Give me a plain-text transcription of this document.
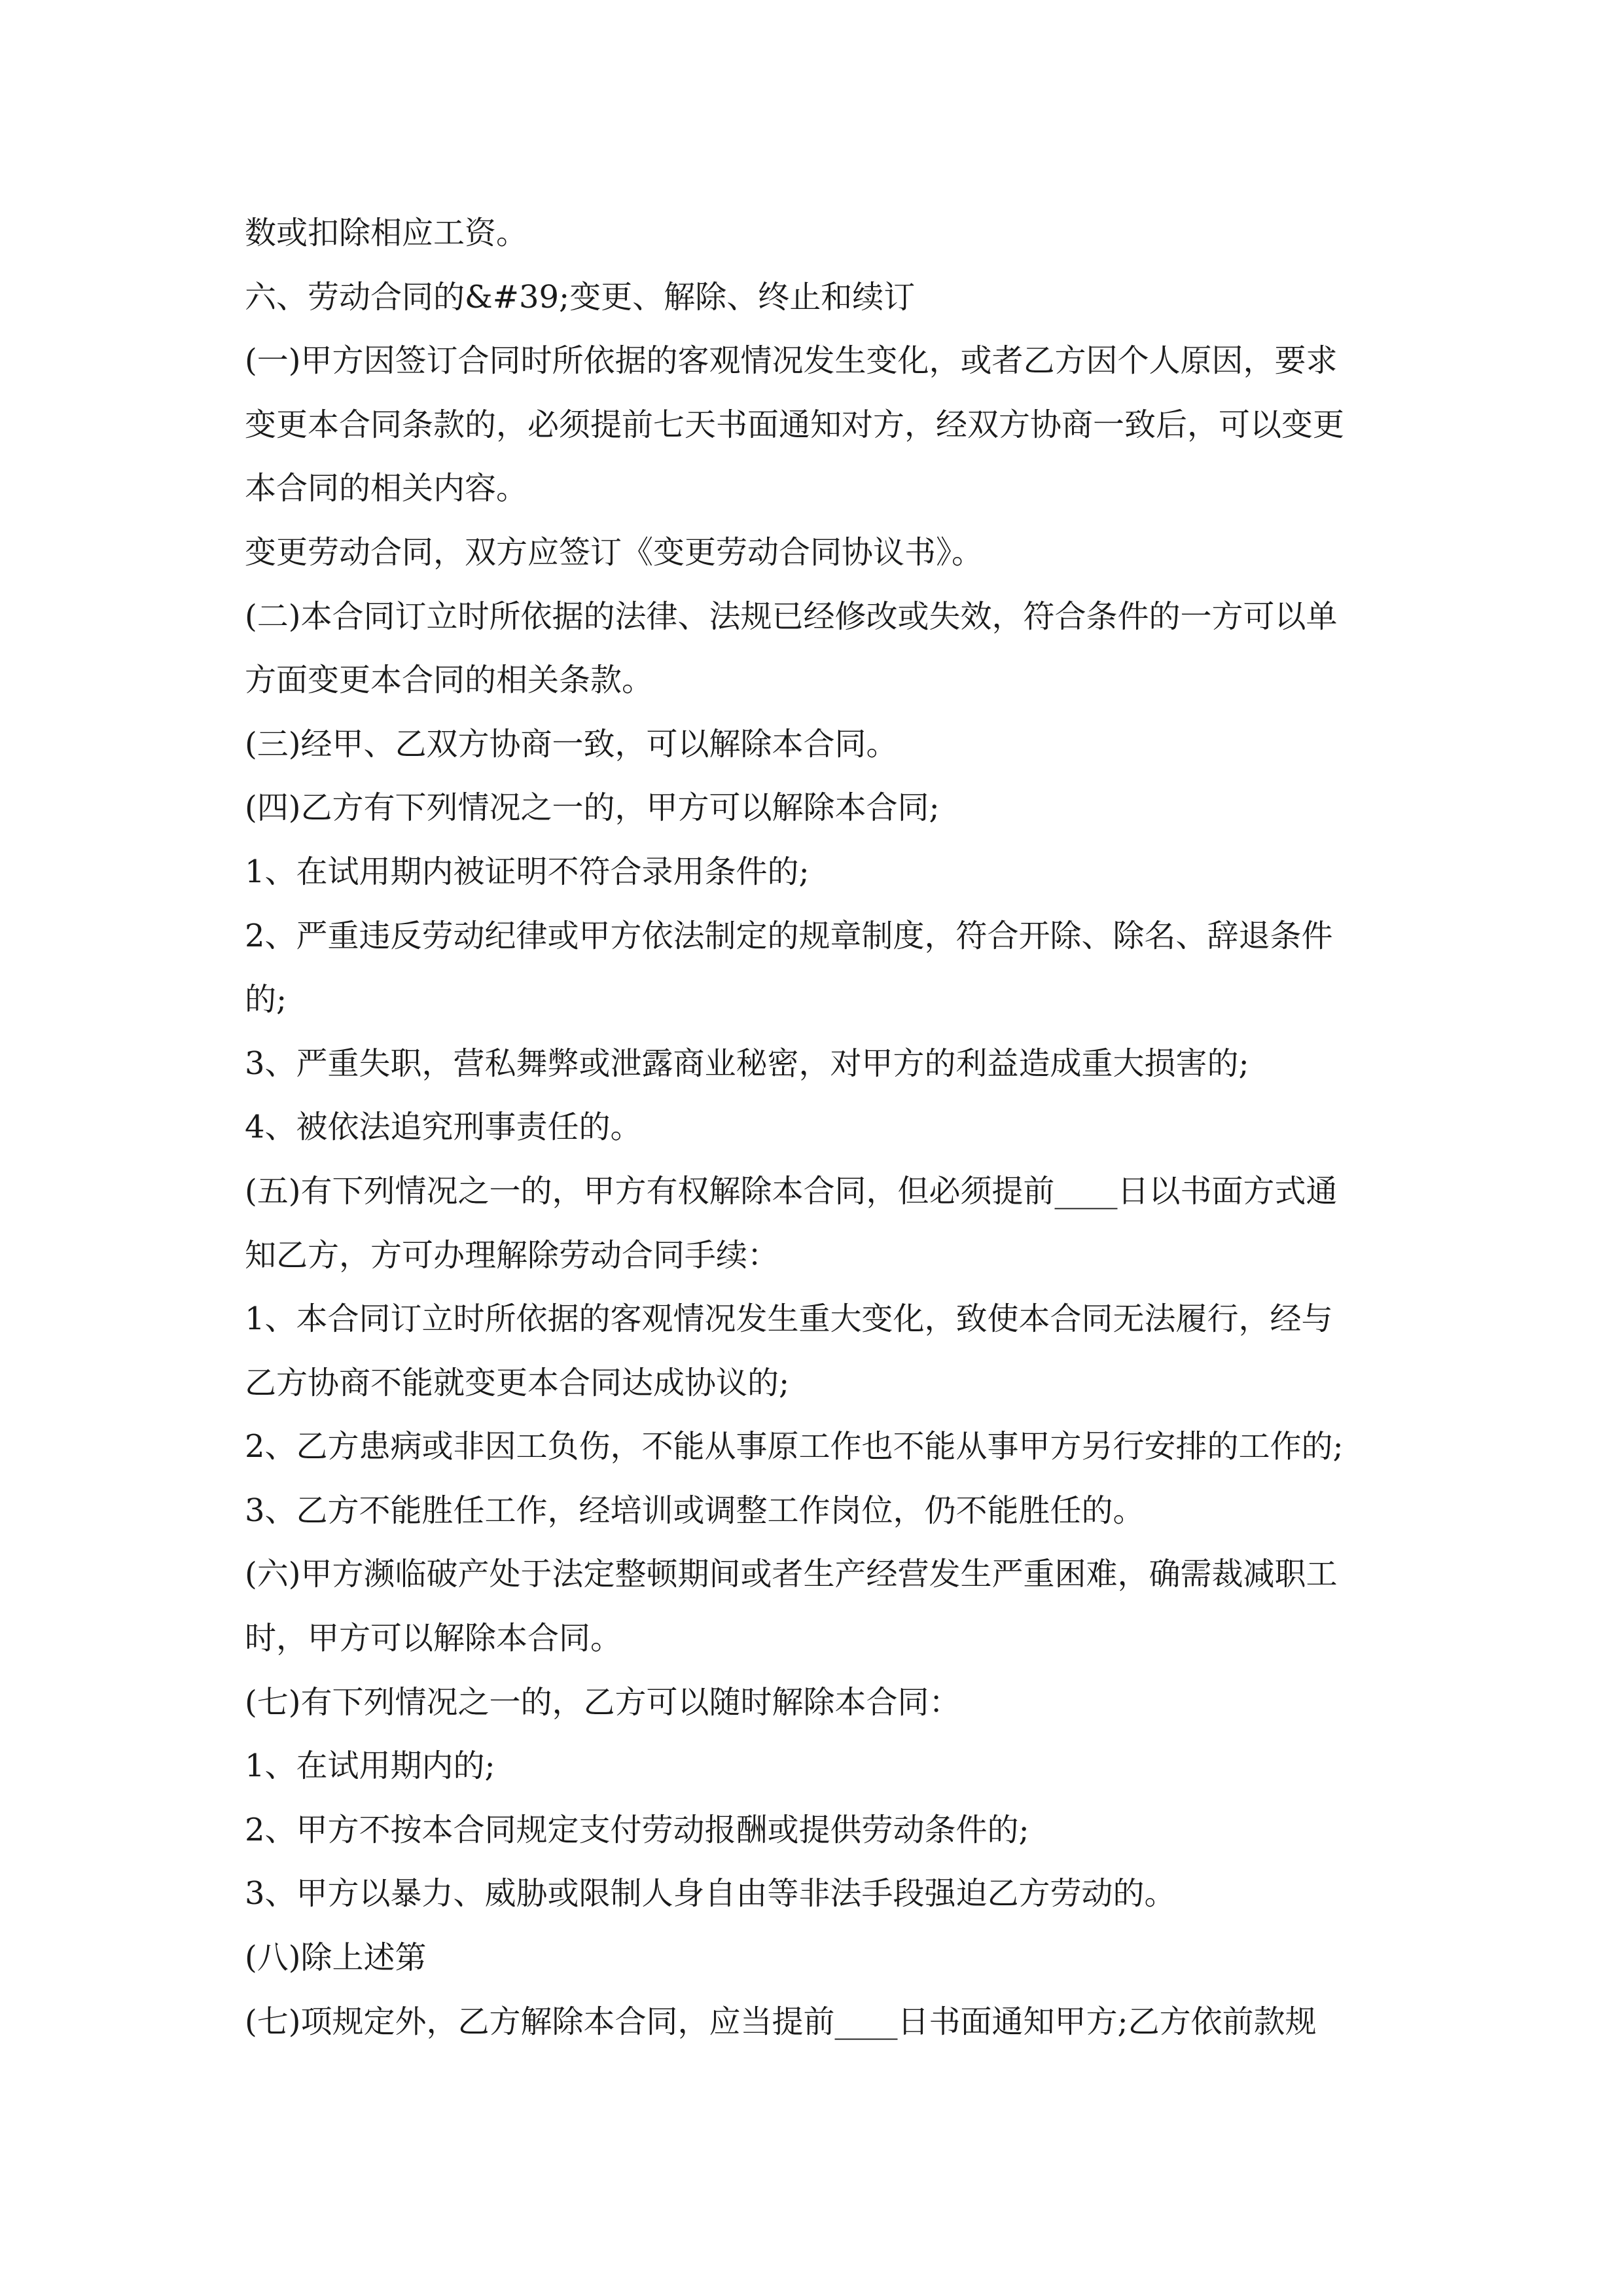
数或扣除相应工资。

六、劳动合同的&#39;变更、解除、终止和续订

(一)甲方因签订合同时所依据的客观情况发生变化，或者乙方因个人原因，要求

变更本合同条款的，必须提前七天书面通知对方，经双方协商一致后，可以变更

本合同的相关内容。

变更劳动合同，双方应签订《变更劳动合同协议书》。

(二)本合同订立时所依据的法律、法规已经修改或失效，符合条件的一方可以单

方面变更本合同的相关条款。

(三)经甲、乙双方协商一致，可以解除本合同。

(四)乙方有下列情况之一的，甲方可以解除本合同;

1、在试用期内被证明不符合录用条件的;

2、严重违反劳动纪律或甲方依法制定的规章制度，符合开除、除名、辞退条件

的;

3、严重失职，营私舞弊或泄露商业秘密，对甲方的利益造成重大损害的;

4、被依法追究刑事责任的。

(五)有下列情况之一的，甲方有权解除本合同，但必须提前____日以书面方式通

知乙方，方可办理解除劳动合同手续：

1、本合同订立时所依据的客观情况发生重大变化，致使本合同无法履行，经与

乙方协商不能就变更本合同达成协议的;

2、乙方患病或非因工负伤，不能从事原工作也不能从事甲方另行安排的工作的;

3、乙方不能胜任工作，经培训或调整工作岗位，仍不能胜任的。

(六)甲方濒临破产处于法定整顿期间或者生产经营发生严重困难，确需裁减职工

时，甲方可以解除本合同。

(七)有下列情况之一的，乙方可以随时解除本合同：

1、在试用期内的;

2、甲方不按本合同规定支付劳动报酬或提供劳动条件的;

3、甲方以暴力、威胁或限制人身自由等非法手段强迫乙方劳动的。

(八)除上述第

(七)项规定外，乙方解除本合同，应当提前____日书面通知甲方;乙方依前款规
